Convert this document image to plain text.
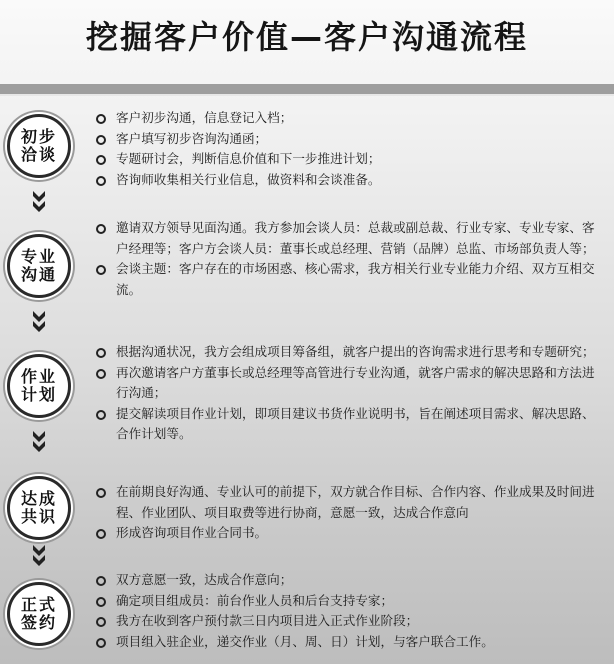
挖掘客户价值—客户沟通流程
初步洽谈
客户初步沟通，信息登记入档；
客户填写初步咨询沟通函；
专题研讨会，判断信息价值和下一步推进计划；
咨询师收集相关行业信息，做资料和会谈准备。
专业沟通
邀请双方领导见面沟通。我方参加会谈人员：总裁或副总裁、行业专家、专业专家、客户经理等；客户方会谈人员：董事长或总经理、营销（品牌）总监、市场部负责人等；
会谈主题：客户存在的市场困惑、核心需求，我方相关行业专业能力介绍、双方互相交流。
作业计划
根据沟通状况，我方会组成项目筹备组，就客户提出的咨询需求进行思考和专题研究；
再次邀请客户方董事长或总经理等高管进行专业沟通，就客户需求的解决思路和方法进行沟通；
提交解读项目作业计划，即项目建议书货作业说明书，旨在阐述项目需求、解决思路、合作计划等。
达成共识
在前期良好沟通、专业认可的前提下，双方就合作目标、合作内容、作业成果及时间进程、作业团队、项目取费等进行协商，意愿一致，达成合作意向
形成咨询项目作业合同书。
正式签约
双方意愿一致，达成合作意向；
确定项目组成员：前台作业人员和后台支持专家；
我方在收到客户预付款三日内项目进入正式作业阶段；
项目组入驻企业，递交作业（月、周、日）计划，与客户联合工作。
